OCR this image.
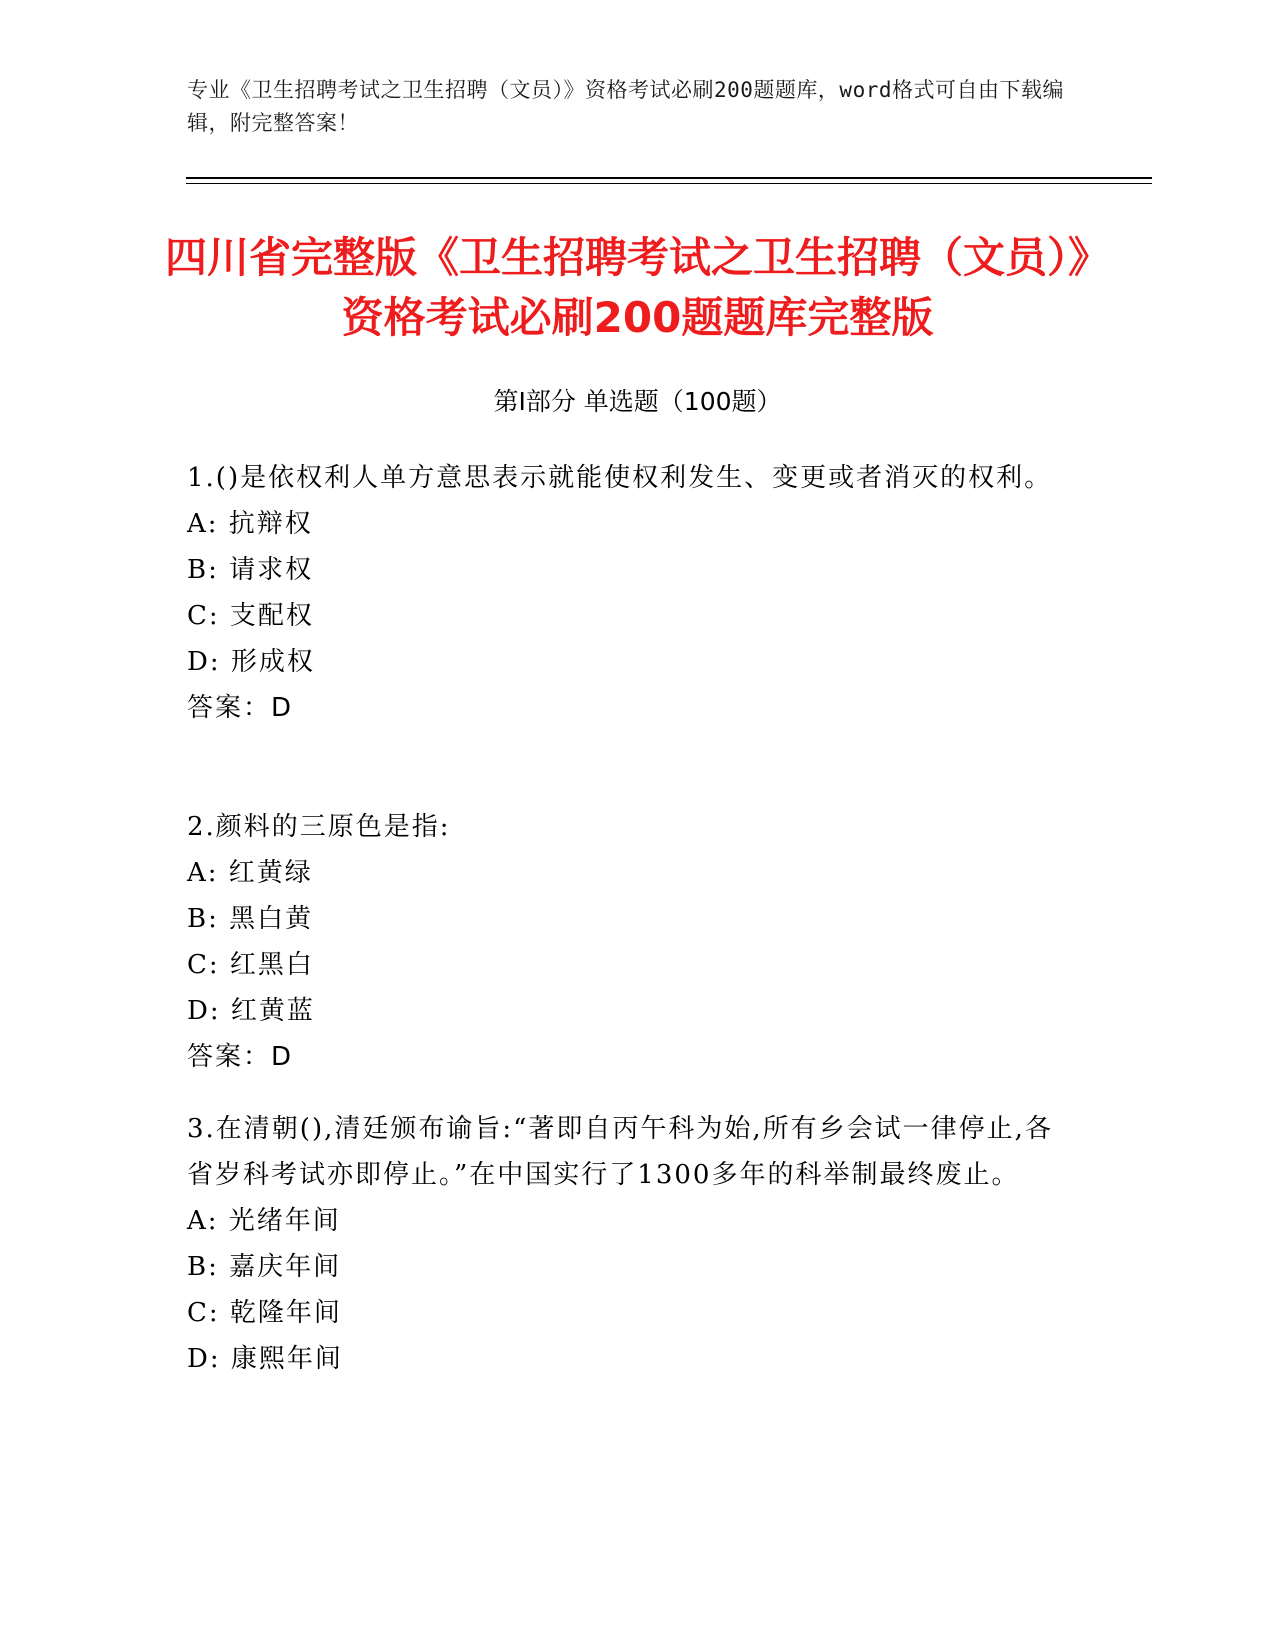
专业《卫生招聘考试之卫生招聘（文员）》资格考试必刷200题题库，word格式可自由下载编辑，附完整答案！
四川省完整版《卫生招聘考试之卫生招聘（文员）》资格考试必刷200题题库完整版
第Ⅰ部分 单选题（100题）
1.()是依权利人单方意思表示就能使权利发生、变更或者消灭的权利。
A: 抗辩权
B: 请求权
C: 支配权
D: 形成权
答案：D
2.颜料的三原色是指:
A: 红黄绿
B: 黑白黄
C: 红黑白
D: 红黄蓝
答案：D
3.在清朝(),清廷颁布谕旨:“著即自丙午科为始,所有乡会试一律停止,各省岁科考试亦即停止。”在中国实行了1300多年的科举制最终废止。
A: 光绪年间
B: 嘉庆年间
C: 乾隆年间
D: 康熙年间
